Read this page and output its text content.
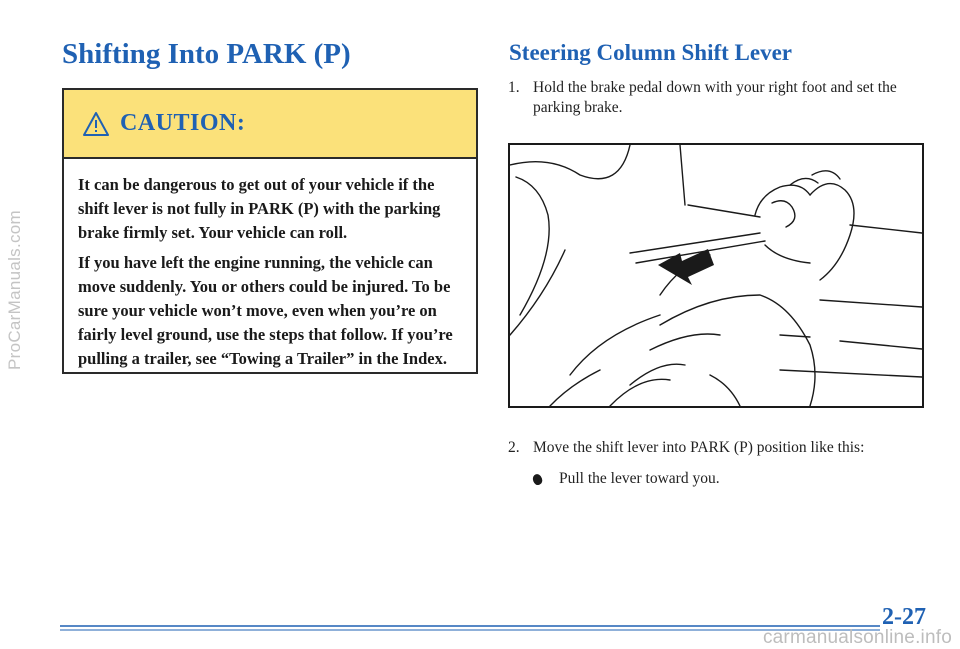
ProCarManuals.com
Shifting Into PARK (P)
CAUTION:

It can be dangerous to get out of your vehicle if the shift lever is not fully in PARK (P) with the parking brake firmly set. Your vehicle can roll.

If you have left the engine running, the vehicle can move suddenly. You or others could be injured. To be sure your vehicle won’t move, even when you’re on fairly level ground, use the steps that follow. If you’re pulling a trailer, see “Towing a Trailer” in the Index.

Steering Column Shift Lever
1. Hold the brake pedal down with your right foot and set the parking brake.
2. Move the shift lever into PARK (P) position like this:
Pull the lever toward you.
2-27
carmanualsonline.info
